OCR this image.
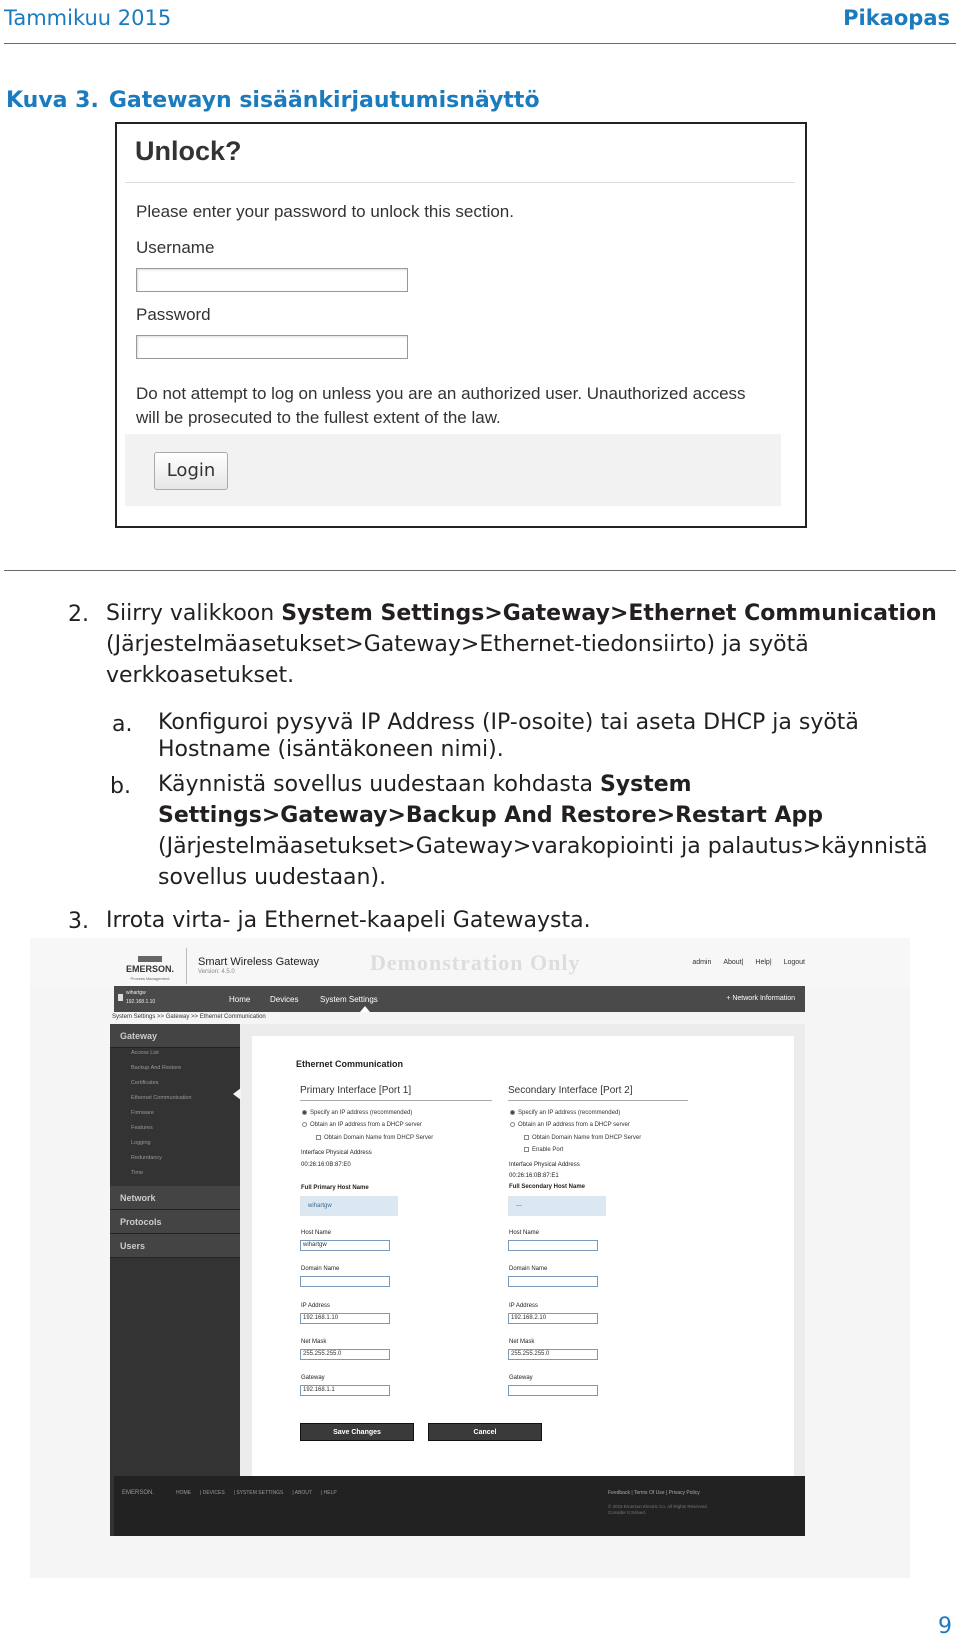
Tammikuu 2015	Pikaopas
Kuva 3. Gatewayn sisäänkirjautumisnäyttö
Unlock?
Please enter your password to unlock this section.
Username
Password
Do not attempt to log on unless you are an authorized user. Unauthorized access
will be prosecuted to the fullest extent of the law.
Login
2. Siirry valikkoon System Settings>Gateway>Ethernet Communication
(Järjestelmäasetukset>Gateway>Ethernet-tiedonsiirto) ja syötä
verkkoasetukset.
a. Konfiguroi pysyvä IP Address (IP-osoite) tai aseta DHCP ja syötä
Hostname (isäntäkoneen nimi).
b. Käynnistä sovellus uudestaan kohdasta System
Settings>Gateway>Backup And Restore>Restart App
(Järjestelmäasetukset>Gateway>varakopiointi ja palautus>käynnistä
sovellus uudestaan).
3. Irrota virta- ja Ethernet-kaapeli Gatewaysta.
EMERSON.
Process Management
Smart Wireless Gateway
Version: 4.5.0	Demonstration Only	admin About| Help| Logout
wihartgw
192.168.1.10	Home Devices	System Settings	+ Network Information
System Settings >> Gateway >> Ethernet Communication
Gateway
Access List
Backup And Restore
Certificates
Ethernet Communication
Firmware
Features
Logging
Redundancy
Time
Network
Protocols
Users
Ethernet Communication
Primary Interface [Port 1]	Secondary Interface [Port 2]
Specify an IP address (recommended)
Obtain an IP address from a DHCP server
Obtain Domain Name from DHCP Server
Interface Physical Address
00:26:16:0B:87:E0
Full Primary Host Name
wihartgw
Host Name
wihartgw
Domain Name
IP Address
192.168.1.10
Net Mask
255.255.255.0
Gateway
192.168.1.1
Specify an IP address (recommended)
Obtain an IP address from a DHCP server
Obtain Domain Name from DHCP Server
Enable Port
Interface Physical Address
00:26:16:0B:87:E1
Full Secondary Host Name
---
Host Name
Domain Name
IP Address
192.168.2.10
Net Mask
255.255.255.0
Gateway
Save Changes	Cancel
EMERSON.	HOME | DEVICES | SYSTEM SETTINGS | ABOUT | HELP	Feedback | Terms Of Use | Privacy Policy
© 2015 Emerson Electric Co. All Rights Reserved.
Consider It Solved.
9
